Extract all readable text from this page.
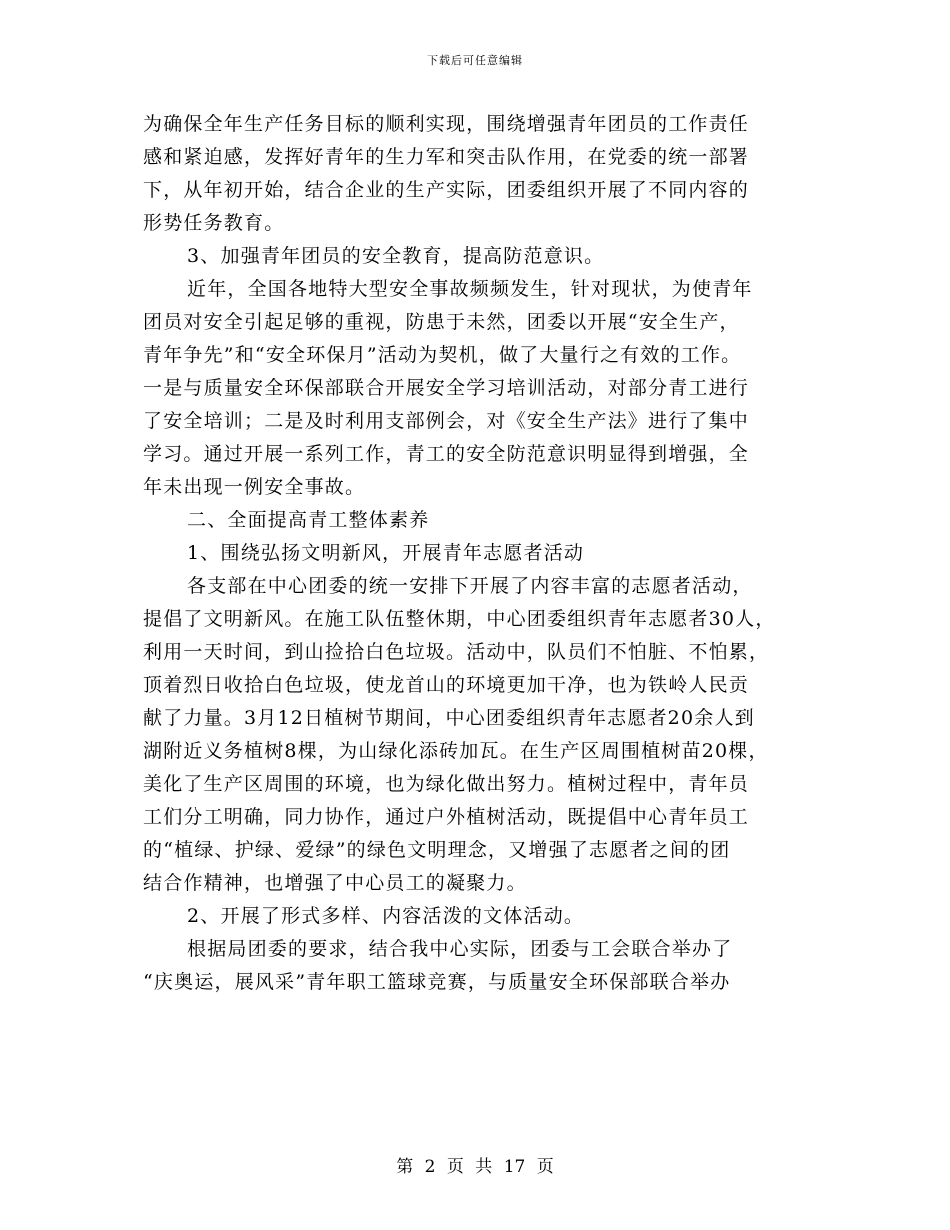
下载后可任意编辑
为确保全年生产任务目标的顺利实现，围绕增强青年团员的工作责任
感和紧迫感，发挥好青年的生力军和突击队作用，在党委的统一部署
下，从年初开始，结合企业的生产实际，团委组织开展了不同内容的
形势任务教育。
3、加强青年团员的安全教育，提高防范意识。
近年，全国各地特大型安全事故频频发生，针对现状，为使青年
团员对安全引起足够的重视，防患于未然，团委以开展“安全生产，
青年争先”和“安全环保月”活动为契机，做了大量行之有效的工作。
一是与质量安全环保部联合开展安全学习培训活动，对部分青工进行
了安全培训；二是及时利用支部例会，对《安全生产法》进行了集中
学习。通过开展一系列工作，青工的安全防范意识明显得到增强，全
年未出现一例安全事故。
二、全面提高青工整体素养
1、围绕弘扬文明新风，开展青年志愿者活动
各支部在中心团委的统一安排下开展了内容丰富的志愿者活动，
提倡了文明新风。在施工队伍整休期，中心团委组织青年志愿者30人，
利用一天时间，到山捡拾白色垃圾。活动中，队员们不怕脏、不怕累，
顶着烈日收拾白色垃圾，使龙首山的环境更加干净，也为铁岭人民贡
献了力量。3月12日植树节期间，中心团委组织青年志愿者20余人到
湖附近义务植树8棵，为山绿化添砖加瓦。在生产区周围植树苗20棵，
美化了生产区周围的环境，也为绿化做出努力。植树过程中，青年员
工们分工明确，同力协作，通过户外植树活动，既提倡中心青年员工
的“植绿、护绿、爱绿”的绿色文明理念，又增强了志愿者之间的团
结合作精神，也增强了中心员工的凝聚力。
2、开展了形式多样、内容活泼的文体活动。
根据局团委的要求，结合我中心实际，团委与工会联合举办了
“庆奥运，展风采”青年职工篮球竞赛，与质量安全环保部联合举办
第 2 页 共 17 页
